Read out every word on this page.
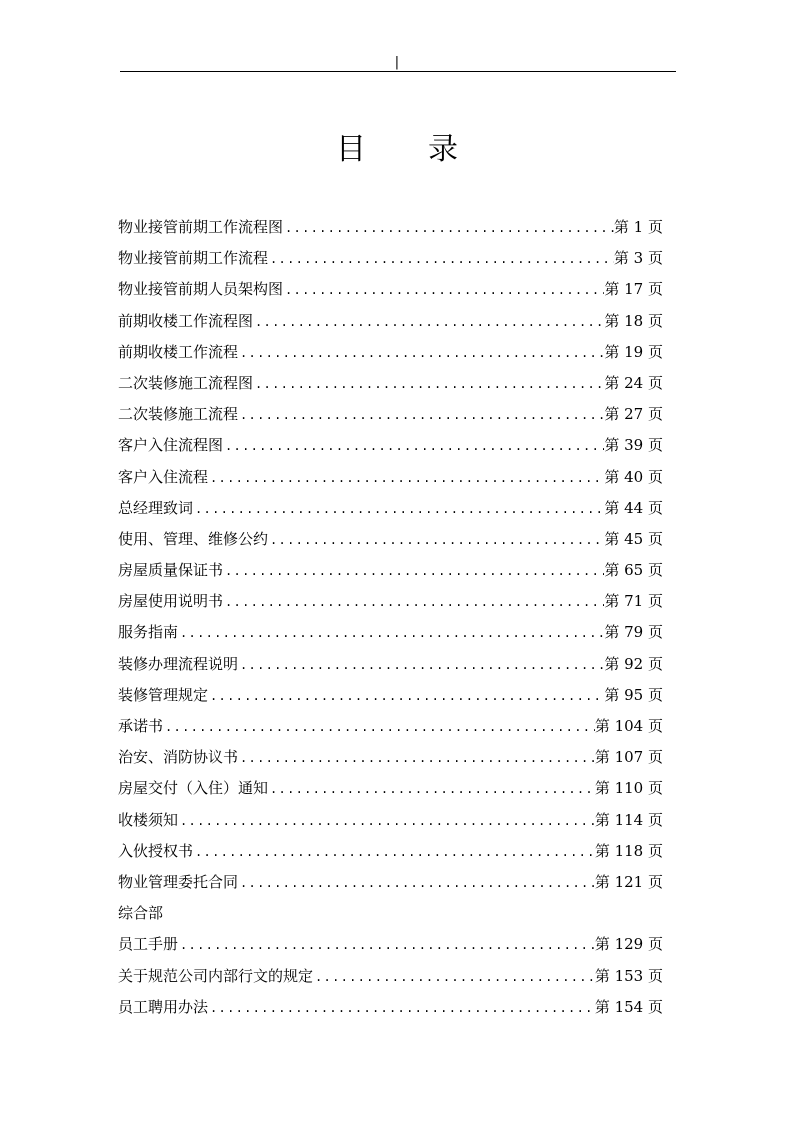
|
目 录
物业接管前期工作流程图 .....	第 1 页
物业接管前期工作流程 .....	第 3 页
物业接管前期人员架构图 .....	第 17 页
前期收楼工作流程图 .....	第 18 页
前期收楼工作流程 .....	第 19 页
二次装修施工流程图 .....	第 24 页
二次装修施工流程 .....	第 27 页
客户入住流程图 .....	第 39 页
客户入住流程 .....	第 40 页
总经理致词 .....	第 44 页
使用、管理、维修公约 .....	第 45 页
房屋质量保证书 .....	第 65 页
房屋使用说明书 .....	第 71 页
服务指南 .....	第 79 页
装修办理流程说明 .....	第 92 页
装修管理规定 .....	第 95 页
承诺书 .....	第 104 页
治安、消防协议书 .....	第 107 页
房屋交付（入住）通知 .....	第 110 页
收楼须知 .....	第 114 页
入伙授权书 .....	第 118 页
物业管理委托合同 .....	第 121 页
综合部
员工手册 .....	第 129 页
关于规范公司内部行文的规定 .....	第 153 页
员工聘用办法 .....	第 154 页
